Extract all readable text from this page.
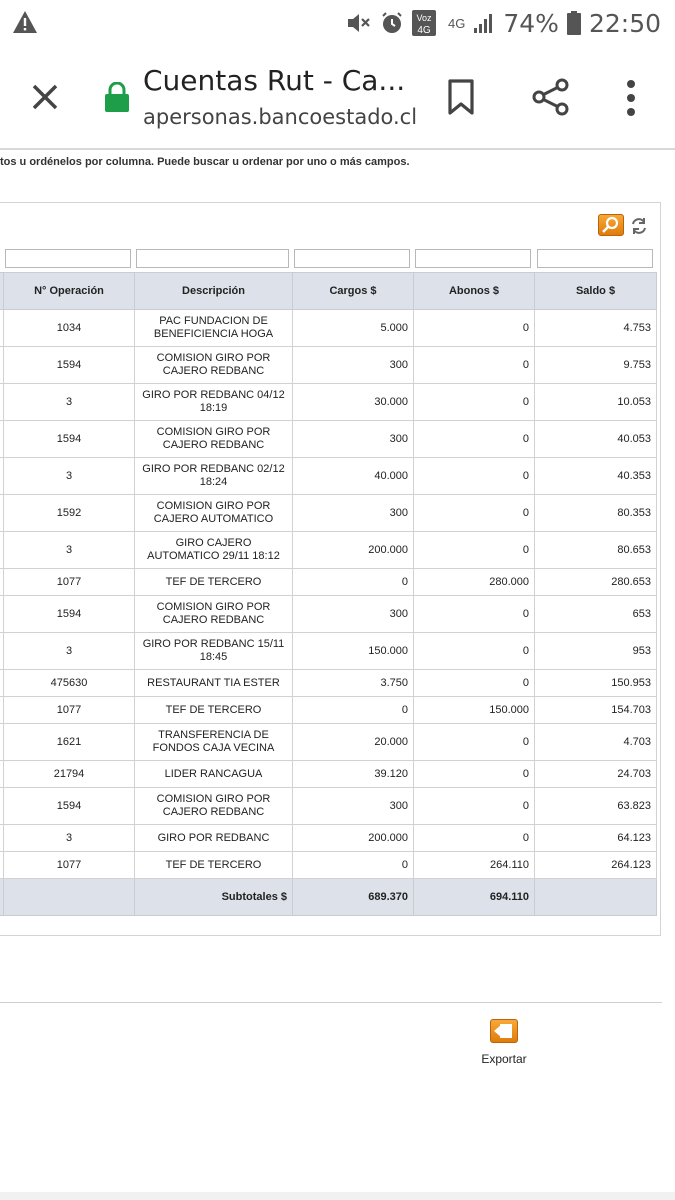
Voz
4G 4G 74% 22:50
Cuentas Rut - Ca...
apersonas.bancoestado.cl
tos u ordénelos por columna. Puede buscar u ordenar por uno o más campos.
	N° Operación	Descripción	Cargos $	Abonos $	Saldo $
	1034	PAC FUNDACION DE BENEFICIENCIA HOGA	5.000	0	4.753
	1594	COMISION GIRO POR CAJERO REDBANC	300	0	9.753
	3	GIRO POR REDBANC 04/12 18:19	30.000	0	10.053
	1594	COMISION GIRO POR CAJERO REDBANC	300	0	40.053
	3	GIRO POR REDBANC 02/12 18:24	40.000	0	40.353
	1592	COMISION GIRO POR CAJERO AUTOMATICO	300	0	80.353
	3	GIRO CAJERO AUTOMATICO 29/11 18:12	200.000	0	80.653
	1077	TEF DE TERCERO	0	280.000	280.653
	1594	COMISION GIRO POR CAJERO REDBANC	300	0	653
	3	GIRO POR REDBANC 15/11 18:45	150.000	0	953
	475630	RESTAURANT TIA ESTER	3.750	0	150.953
	1077	TEF DE TERCERO	0	150.000	154.703
	1621	TRANSFERENCIA DE FONDOS CAJA VECINA	20.000	0	4.703
	21794	LIDER RANCAGUA	39.120	0	24.703
	1594	COMISION GIRO POR CAJERO REDBANC	300	0	63.823
	3	GIRO POR REDBANC	200.000	0	64.123
	1077	TEF DE TERCERO	0	264.110	264.123
		Subtotales $	689.370	694.110	
Exportar
